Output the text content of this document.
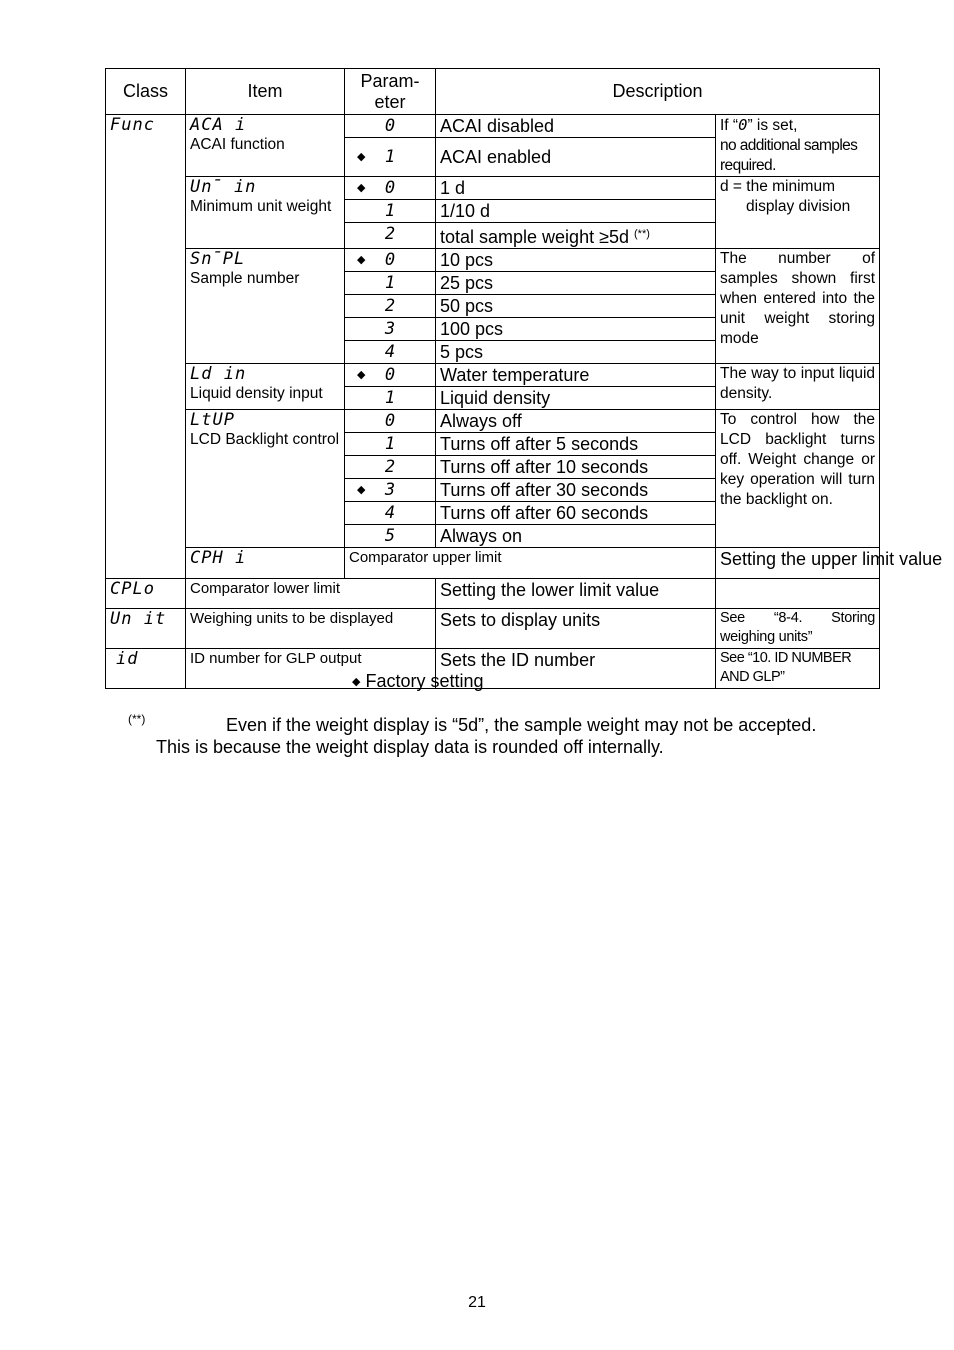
Class	Item	Param-
eter	Description		

Func	ACA i
ACAI function	0	ACAI disabled	If “0” is set,
no additional samples required.	

		◆ 1	ACAI enabled		

	Un̄ in
Minimum unit weight	◆ 0	1 d	d = the minimum
display division	

		1	1/10 d		
		2	total sample weight ≥5d (**)

	Sn̄PL
Sample number	◆ 0	10 pcs	The number of samples shown first when entered into the unit weight storing mode	
		1	25 pcs		
		2	50 pcs		
		3	100 pcs		
		4	5 pcs		

	Ld in
Liquid density input	◆ 0	Water temperature	The way to input liquid density.	
		1	Liquid density		

	LtUP
LCD Backlight control	0	Always off	To control how the LCD backlight turns off. Weight change or key operation will turn the backlight on.	
		1	Turns off after 5 seconds		
		2	Turns off after 10 seconds		

		◆ 3	Turns off after 30 seconds		
		4	Turns off after 60 seconds		
		5	Always on		

	CPH i	Comparator upper limit		Setting the upper limit value	

CPLo	Comparator lower limit		Setting the lower limit value		

Un it	Weighing units to be displayed		Sets to display units	See “8-4. Storing weighing units”	

id	ID number for GLP output		Sets the ID number	See “10. ID NUMBER AND GLP”	
◆ Factory setting
(**)	Even if the weight display is “5d”, the sample weight may not be accepted.
This is because the weight display data is rounded off internally.
21
